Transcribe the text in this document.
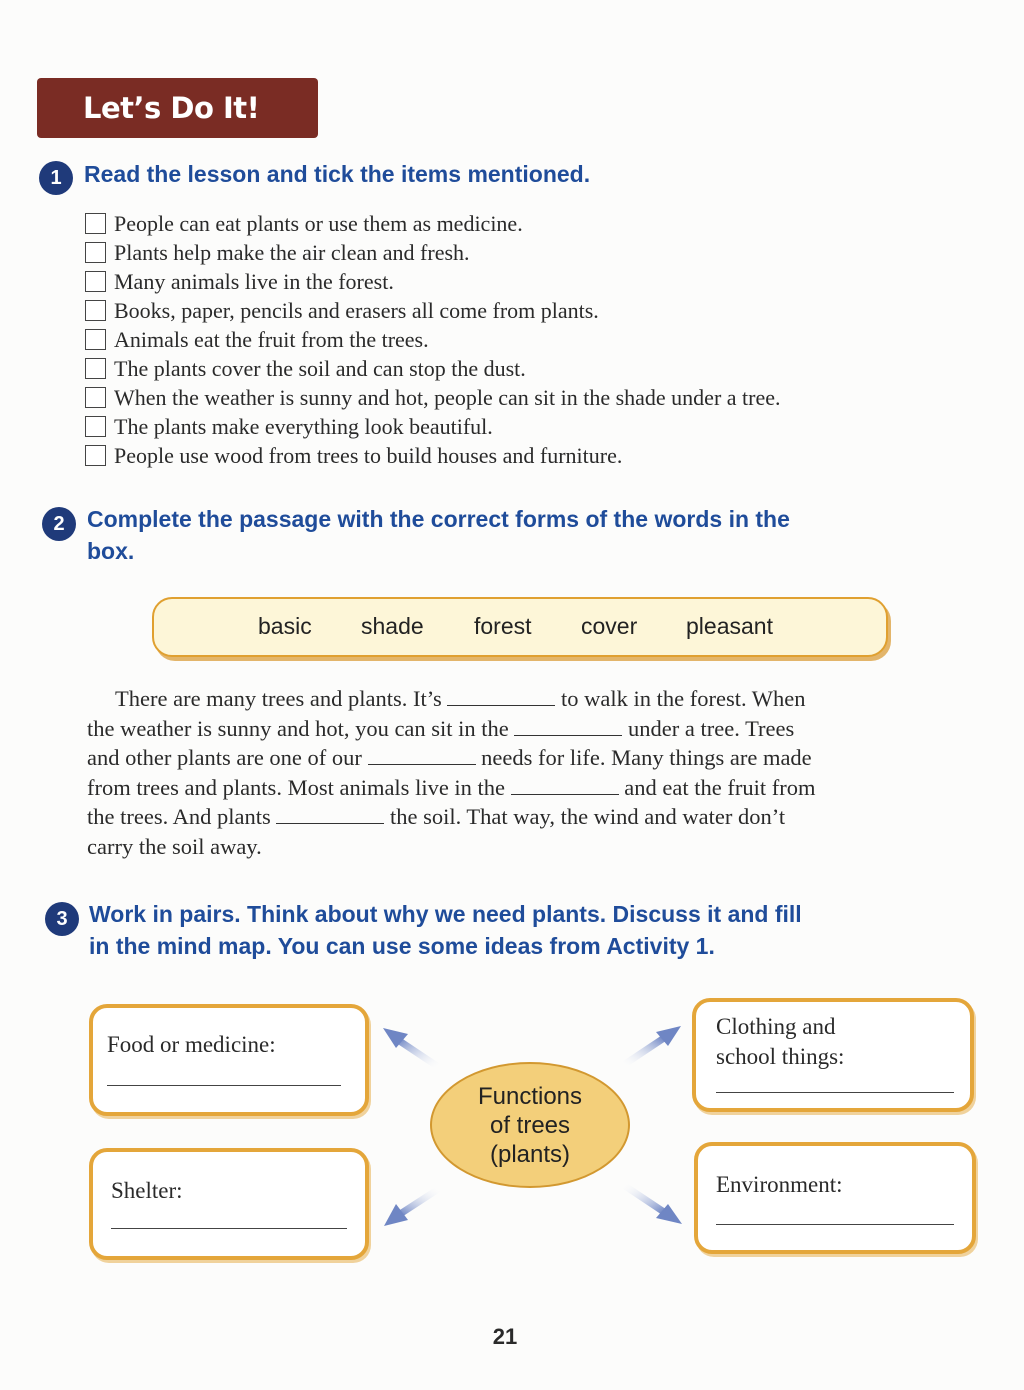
Let’s Do It!
1 Read the lesson and tick the items mentioned.
People can eat plants or use them as medicine.
Plants help make the air clean and fresh.
Many animals live in the forest.
Books, paper, pencils and erasers all come from plants.
Animals eat the fruit from the trees.
The plants cover the soil and can stop the dust.
When the weather is sunny and hot, people can sit in the shade under a tree.
The plants make everything look beautiful.
People use wood from trees to build houses and furniture.
2 Complete the passage with the correct forms of the words in the
box.
basic shade forest cover pleasant
There are many trees and plants. It’s	to walk in the forest. When
the weather is sunny and hot, you can sit in the	under a tree. Trees
and other plants are one of our	needs for life. Many things are made
from trees and plants. Most animals live in the	and eat the fruit from
the trees. And plants	the soil. That way, the wind and water don’t
carry the soil away.
3 Work in pairs. Think about why we need plants. Discuss it and fill
in the mind map. You can use some ideas from Activity 1.
Food or medicine:
Clothing and
school things:
Shelter:	Environment:
Functions
of trees
(plants)
21
